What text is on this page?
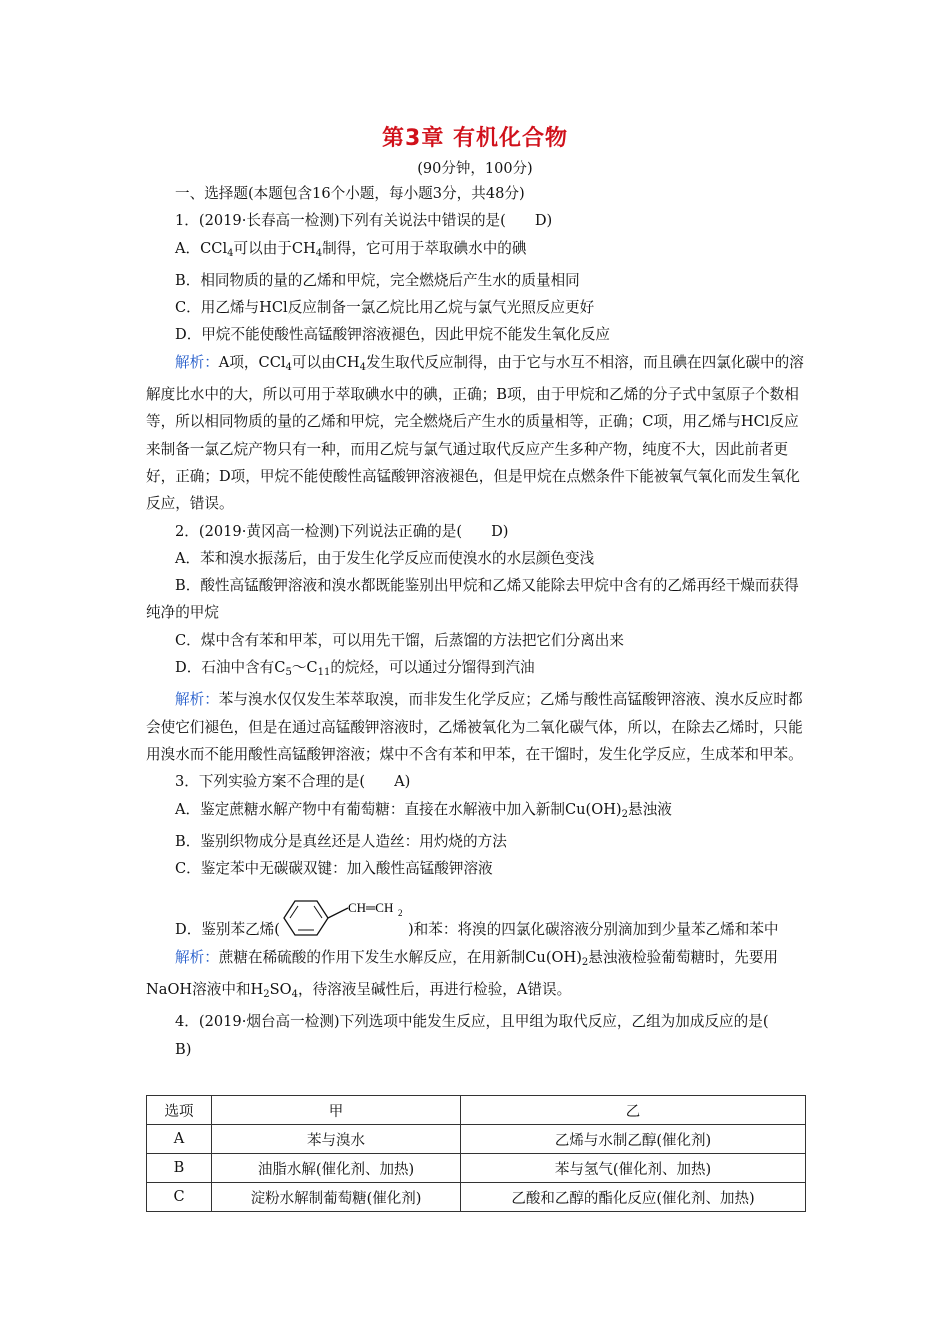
第3章 有机化合物
(90分钟，100分)

一、选择题(本题包含16个小题，每小题3分，共48分)

1．(2019·长春高一检测)下列有关说法中错误的是( D)

A．CCl$_4$可以由于$CH_4$制得，它可用于萃取碘水中的碘

B．相同物质的量的乙烯和甲烷，完全燃烧后产生水的质量相同

C．用乙烯与HCl反应制备一氯乙烷比用乙烷与氯气光照反应更好

D．甲烷不能使酸性高锰酸钾溶液褪色，因此甲烷不能发生氧化反应

解析：A项，CCl$_4$可以由$CH_4$发生取代反应制得，由于它与水互不相溶，而且碘在四氯化碳中的溶解度比水中的大，所以可用于萃取碘水中的碘，正确；B项，由于甲烷和乙烯的分子式中氢原子个数相等，所以相同物质的量的乙烯和甲烷，完全燃烧后产生水的质量相等，正确；C项，用乙烯与HCl反应来制备一氯乙烷产物只有一种，而用乙烷与氯气通过取代反应产生多种产物，纯度不大，因此前者更好，正确；D项，甲烷不能使酸性高锰酸钾溶液褪色，但是甲烷在点燃条件下能被氧气氧化而发生氧化反应，错误。

2．(2019·黄冈高一检测)下列说法正确的是( D)

A．苯和溴水振荡后，由于发生化学反应而使溴水的水层颜色变浅

B．酸性高锰酸钾溶液和溴水都既能鉴别出甲烷和乙烯又能除去甲烷中含有的乙烯再经干燥而获得纯净的甲烷

C．煤中含有苯和甲苯，可以用先干馏，后蒸馏的方法把它们分离出来

D．石油中含有$C_5\sim C_{11}$的烷烃，可以通过分馏得到汽油

解析：苯与溴水仅仅发生苯萃取溴，而非发生化学反应；乙烯与酸性高锰酸钾溶液、溴水反应时都会使它们褪色，但是在通过高锰酸钾溶液时，乙烯被氧化为二氧化碳气体，所以，在除去乙烯时，只能用溴水而不能用酸性高锰酸钾溶液；煤中不含有苯和甲苯，在干馏时，发生化学反应，生成苯和甲苯。

3．下列实验方案不合理的是( A)

A．鉴定蔗糖水解产物中有葡萄糖：直接在水解液中加入新制$Cu(OH)_2$悬浊液

B．鉴别织物成分是真丝还是人造丝：用灼烧的方法

C．鉴定苯中无碳碳双键：加入酸性高锰酸钾溶液

D．鉴别苯乙烯(
CH═CH 2
)和苯：将溴的四氯化碳溶液分别滴加到少量苯乙烯和苯中

解析：蔗糖在稀硫酸的作用下发生水解反应，在用新制$Cu(OH)_2$悬浊液检验葡萄糖时，先要用NaOH溶液中和$H_2SO_4$，待溶液呈碱性后，再进行检验，A错误。

4．(2019·烟台高一检测)下列选项中能发生反应，且甲组为取代反应，乙组为加成反应的是(B)

选项	甲	乙
A	苯与溴水	乙烯与水制乙醇(催化剂)
B	油脂水解(催化剂、加热)	苯与氢气(催化剂、加热)
C	淀粉水解制葡萄糖(催化剂)	乙酸和乙醇的酯化反应(催化剂、加热)
